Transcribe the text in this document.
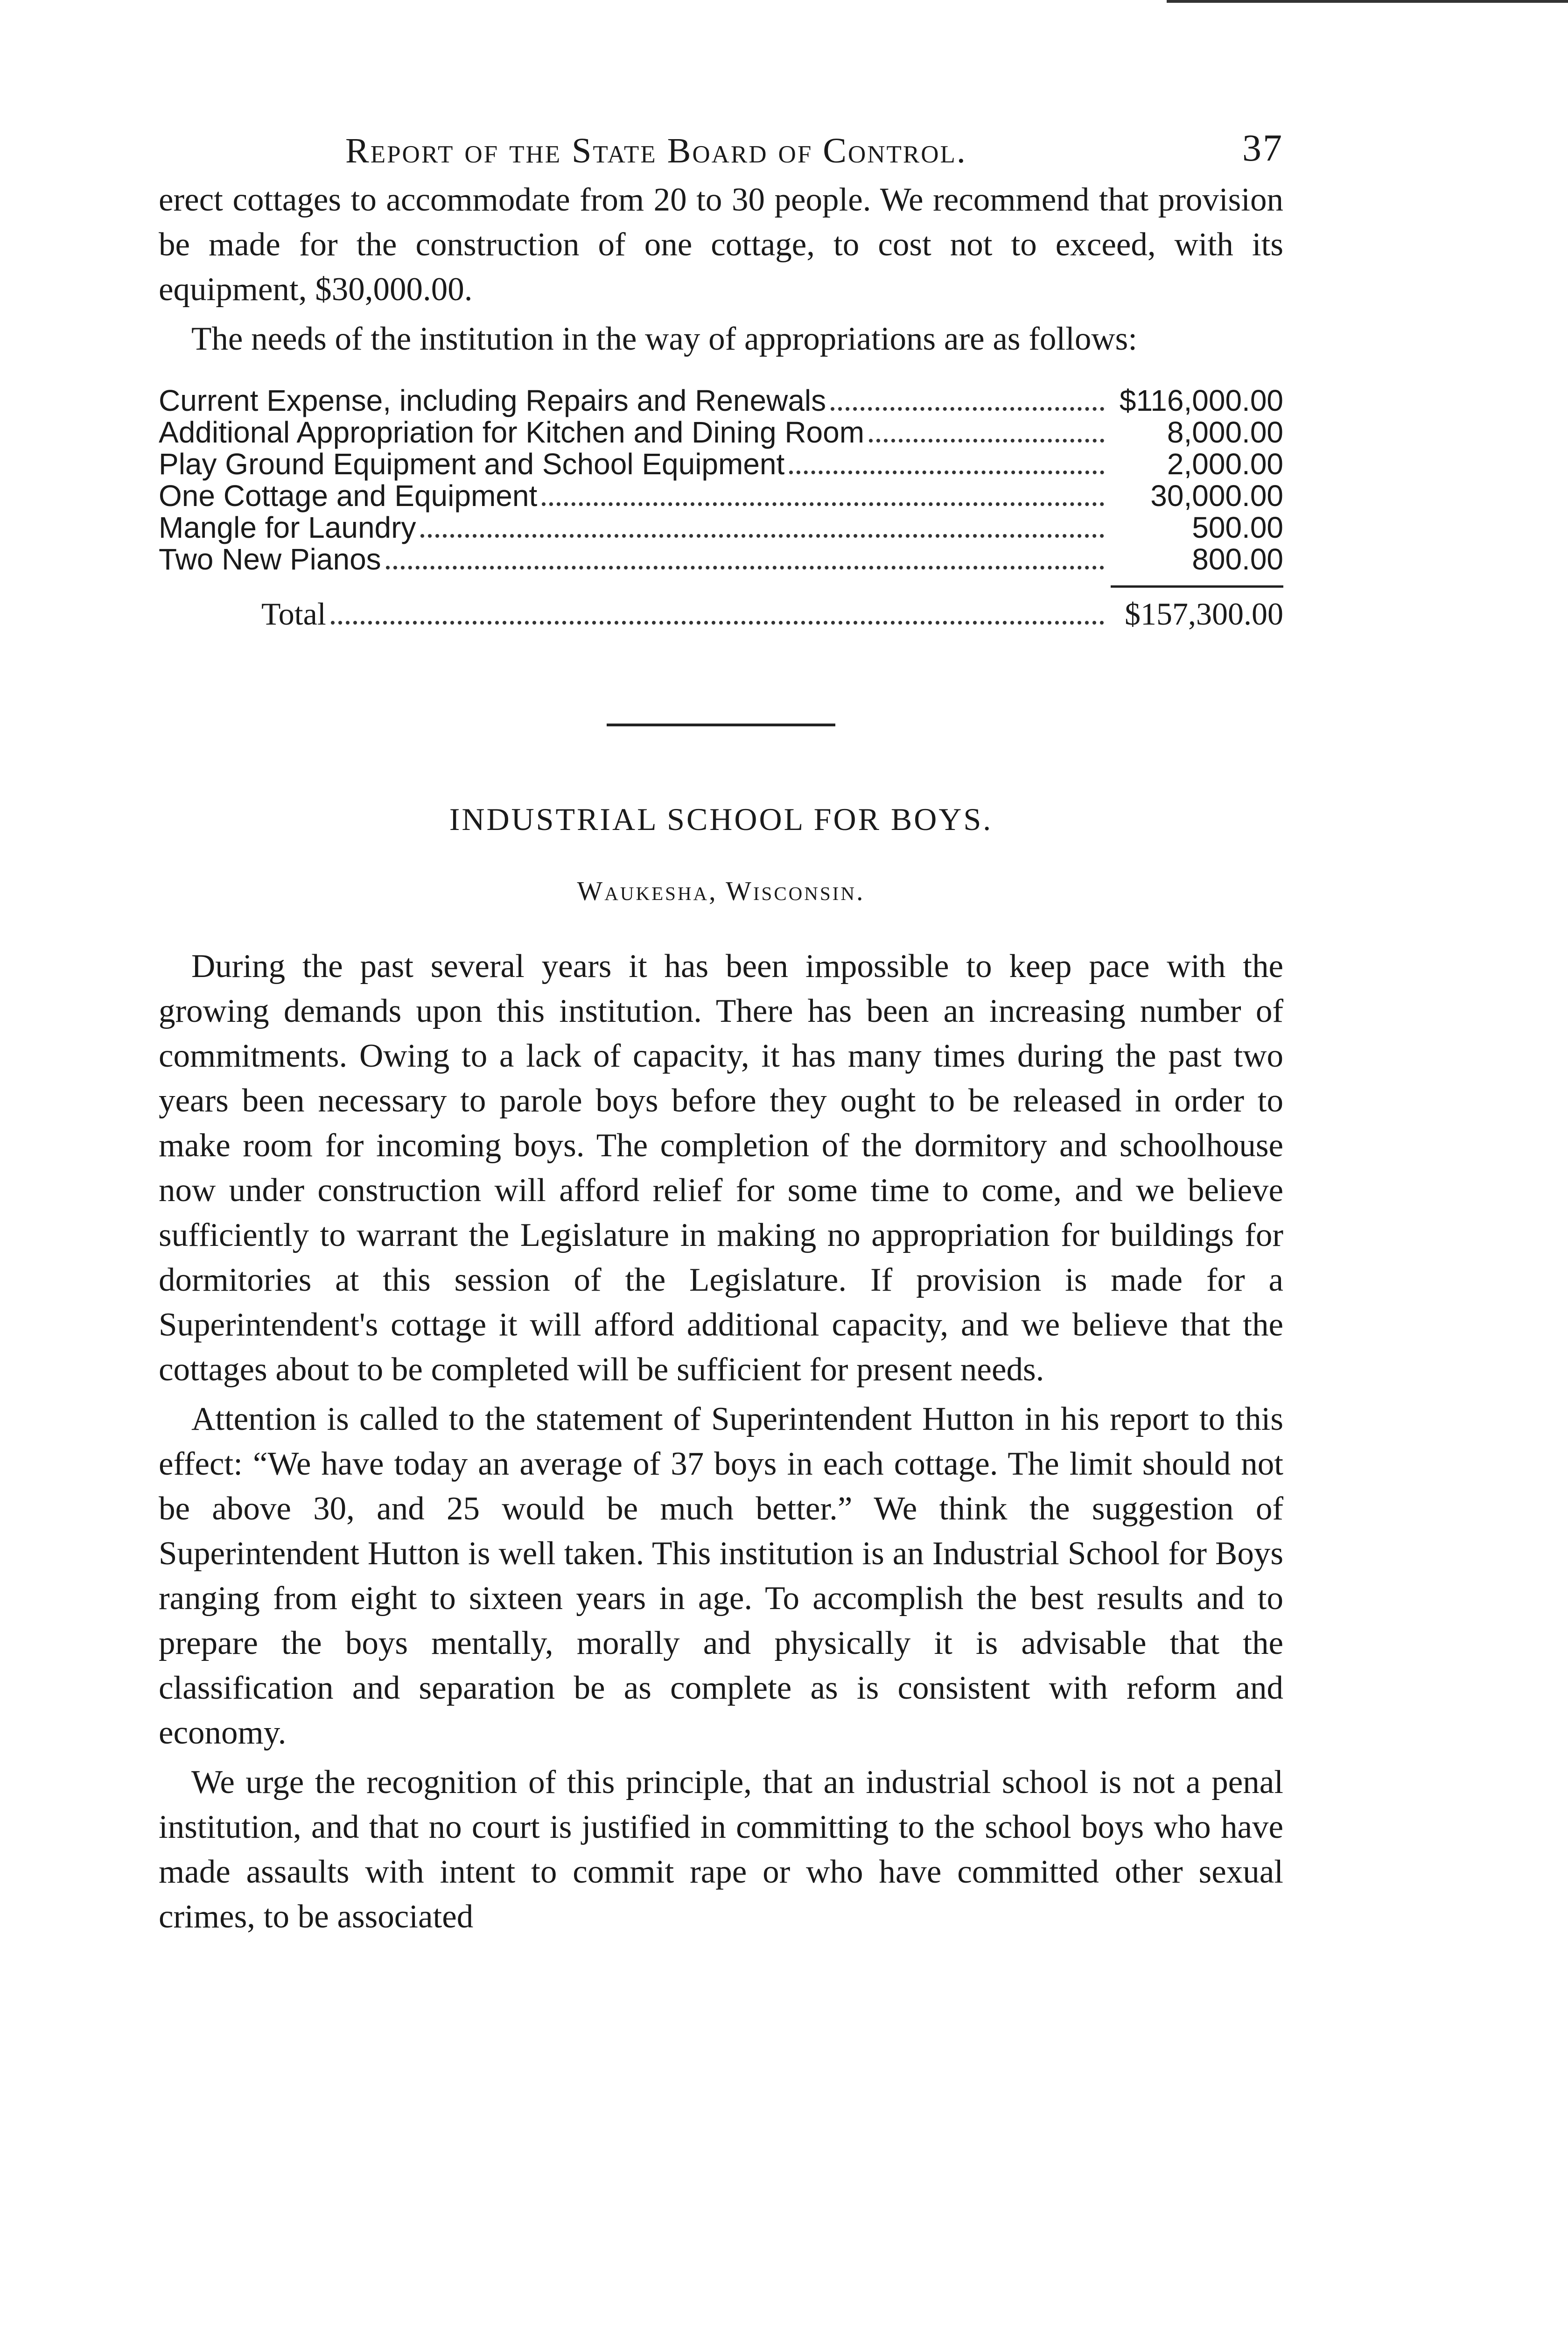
Report of the State Board of Control.	37

erect cottages to accommodate from 20 to 30 people. We recommend that provision be made for the construction of one cottage, to cost not to exceed, with its equipment, $30,000.00.

The needs of the institution in the way of appropriations are as follows:

Current Expense, including Repairs and Renewals	$116,000.00
Additional Appropriation for Kitchen and Dining Room	8,000.00
Play Ground Equipment and School Equipment	2,000.00
One Cottage and Equipment	30,000.00
Mangle for Laundry	500.00
Two New Pianos	800.00
Total	$157,300.00
INDUSTRIAL SCHOOL FOR BOYS.
Waukesha, Wisconsin.

During the past several years it has been impossible to keep pace with the growing demands upon this institution. There has been an increasing number of commitments. Owing to a lack of capacity, it has many times during the past two years been necessary to parole boys before they ought to be released in order to make room for incoming boys. The completion of the dormitory and schoolhouse now under construction will afford relief for some time to come, and we believe sufficiently to warrant the Legislature in making no appropriation for buildings for dormitories at this session of the Legislature. If provision is made for a Superintendent's cottage it will afford additional capacity, and we believe that the cottages about to be completed will be sufficient for present needs.

Attention is called to the statement of Superintendent Hutton in his report to this effect: “We have today an average of 37 boys in each cottage. The limit should not be above 30, and 25 would be much better.” We think the suggestion of Superintendent Hutton is well taken. This institution is an Industrial School for Boys ranging from eight to sixteen years in age. To accomplish the best results and to prepare the boys mentally, morally and physically it is advisable that the classification and separation be as complete as is consistent with reform and economy.

We urge the recognition of this principle, that an industrial school is not a penal institution, and that no court is justified in committing to the school boys who have made assaults with intent to commit rape or who have committed other sexual crimes, to be associated
